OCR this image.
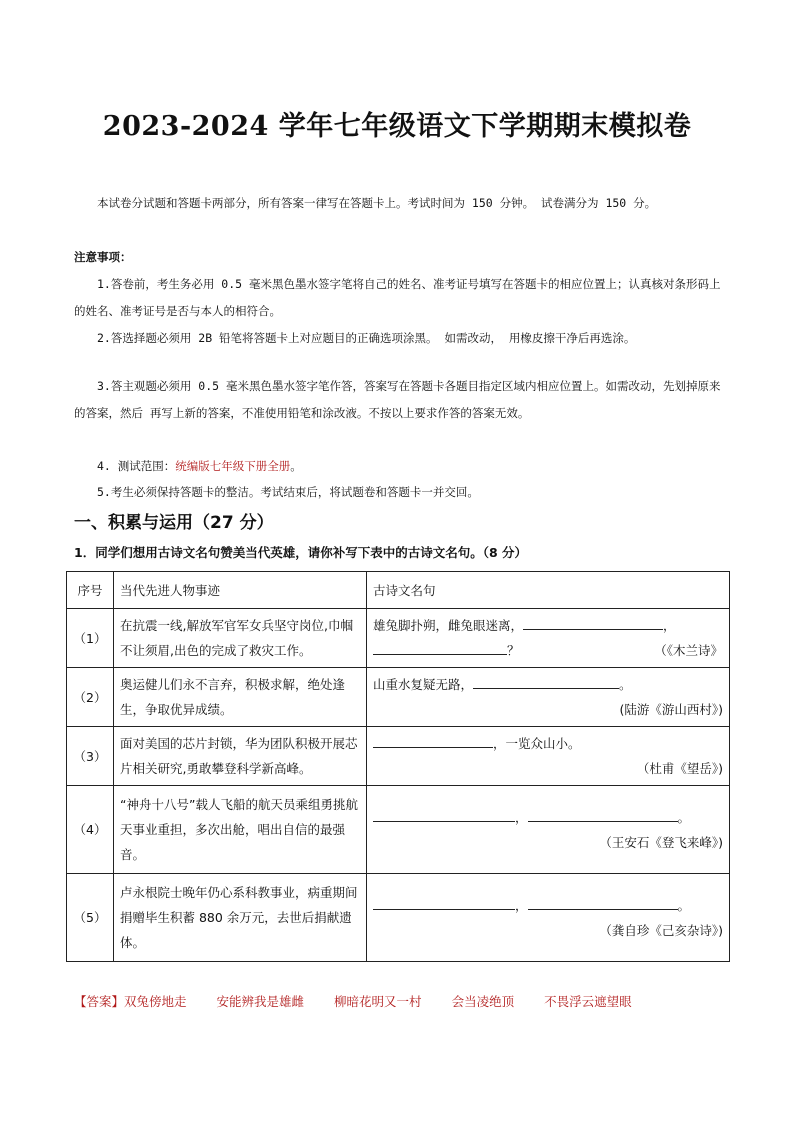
2023-2024 学年七年级语文下学期期末模拟卷
本试卷分试题和答题卡两部分，所有答案一律写在答题卡上。考试时间为 150 分钟。 试卷满分为 150 分。
注意事项：
1.答卷前，考生务必用 0.5 毫米黑色墨水签字笔将自己的姓名、准考证号填写在答题卡的相应位置上；认真核对条形码上的姓名、准考证号是否与本人的相符合。
2.答选择题必须用 2B 铅笔将答题卡上对应题目的正确选项涂黑。 如需改动， 用橡皮擦干净后再选涂。
3.答主观题必须用 0.5 毫米黑色墨水签字笔作答，答案写在答题卡各题目指定区域内相应位置上。如需改动，先划掉原来的答案，然后 再写上新的答案，不准使用铅笔和涂改液。不按以上要求作答的答案无效。
4. 测试范围：统编版七年级下册全册。
5.考生必须保持答题卡的整洁。考试结束后，将试题卷和答题卡一并交回。
一、积累与运用（27 分）
1．同学们想用古诗文名句赞美当代英雄，请你补写下表中的古诗文名句。（8 分）
序号	当代先进人物事迹	古诗文名句
（1）	在抗震一线,解放军官军女兵坚守岗位,巾帼不让须眉,出色的完成了救灾工作。	雄兔脚扑朔，雌兔眼迷离， ，
？ （《木兰诗》

（2）	奥运健儿们永不言弃，积极求解，绝处逢生，争取优异成绩。	山重水复疑无路， 。
(陆游《游山西村》)

（3）	面对美国的芯片封锁，华为团队积极开展芯片相关研究,勇敢攀登科学新高峰。	，一览众山小。
（杜甫《望岳》)

（4）	“神舟十八号”载人飞船的航天员乘组勇挑航天事业重担，多次出舱，唱出自信的最强音。	， 。
（王安石《登飞来峰》)

（5）	卢永根院士晚年仍心系科教事业，病重期间捐赠毕生积蓄 880 余万元，去世后捐献遗体。	， 。
（龚自珍《己亥杂诗》)
【答案】双兔傍地走 安能辨我是雄雌 柳暗花明又一村 会当凌绝顶 不畏浮云遮望眼
